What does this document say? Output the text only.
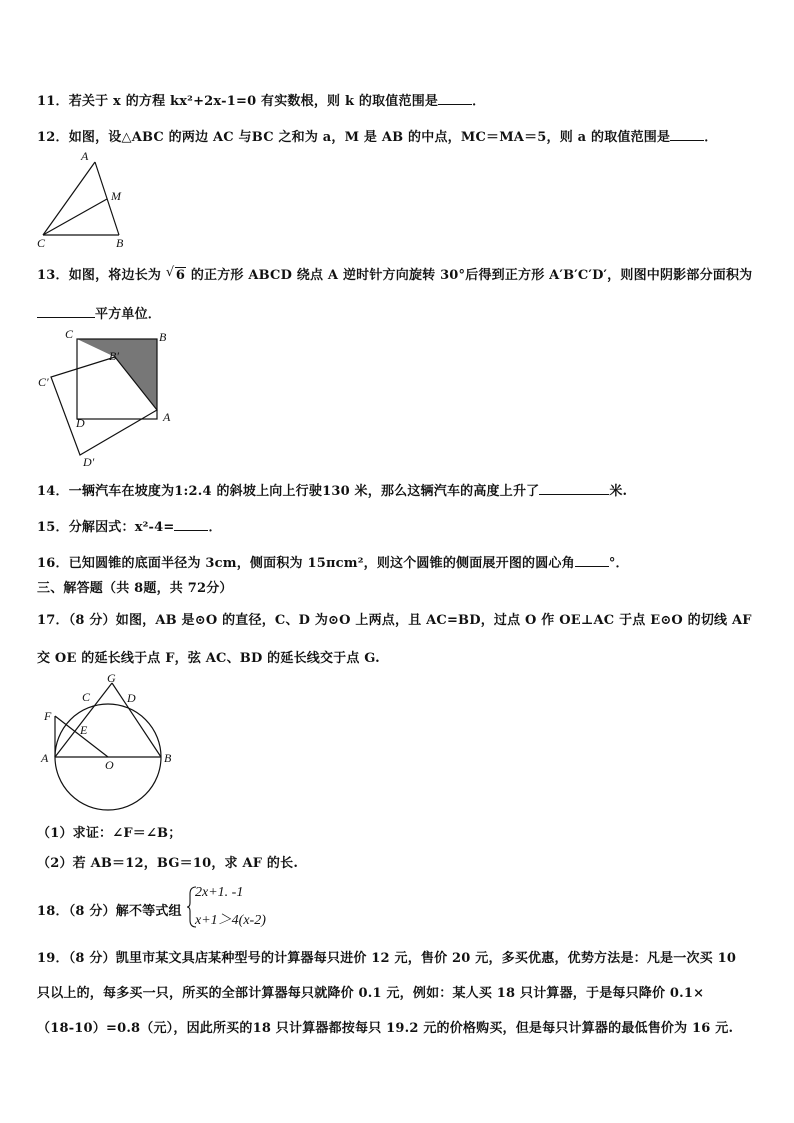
11．若关于 x 的方程 kx²+2x-1=0 有实数根，则 k 的取值范围是	．
12．如图，设△ABC 的两边 AC 与BC 之和为 a，M 是 AB 的中点，MC＝MA＝5，则 a 的取值范围是	．
A
M
C	B
13．如图，将边长为 √ 6 的正方形 ABCD 绕点 A 逆时针方向旋转 30°后得到正方形 A′B′C′D′，则图中阴影部分面积为
平方单位．
C	B
B′
C′
D	A
D′
14．一辆汽车在坡度为1:2.4 的斜坡上向上行驶130 米，那么这辆汽车的高度上升了	米.
15．分解因式：x²-4=	．
16．已知圆锥的底面半径为 3cm，侧面积为 15πcm²，则这个圆锥的侧面展开图的圆心角	°．
三、解答题（共 8题，共 72分）
17．（8 分）如图，AB 是⊙O 的直径，C、D 为⊙O 上两点，且 AC=BD，过点 O 作 OE⊥AC 于点 E⊙O 的切线 AF
交 OE 的延长线于点 F，弦 AC、BD 的延长线交于点 G.
G
C	D
F
E
A	O	B
（1）求证：∠F＝∠B；
（2）若 AB＝12，BG＝10，求 AF 的长.
18．（8 分）解不等式组
2x+1. -1
x+1＞4(x-2)
19．（8 分）凯里市某文具店某种型号的计算器每只进价 12 元，售价 20 元，多买优惠，优势方法是：凡是一次买 10
只以上的，每多买一只，所买的全部计算器每只就降价 0.1 元，例如：某人买 18 只计算器，于是每只降价 0.1×
（18-10）=0.8（元），因此所买的18 只计算器都按每只 19.2 元的价格购买，但是每只计算器的最低售价为 16 元.
